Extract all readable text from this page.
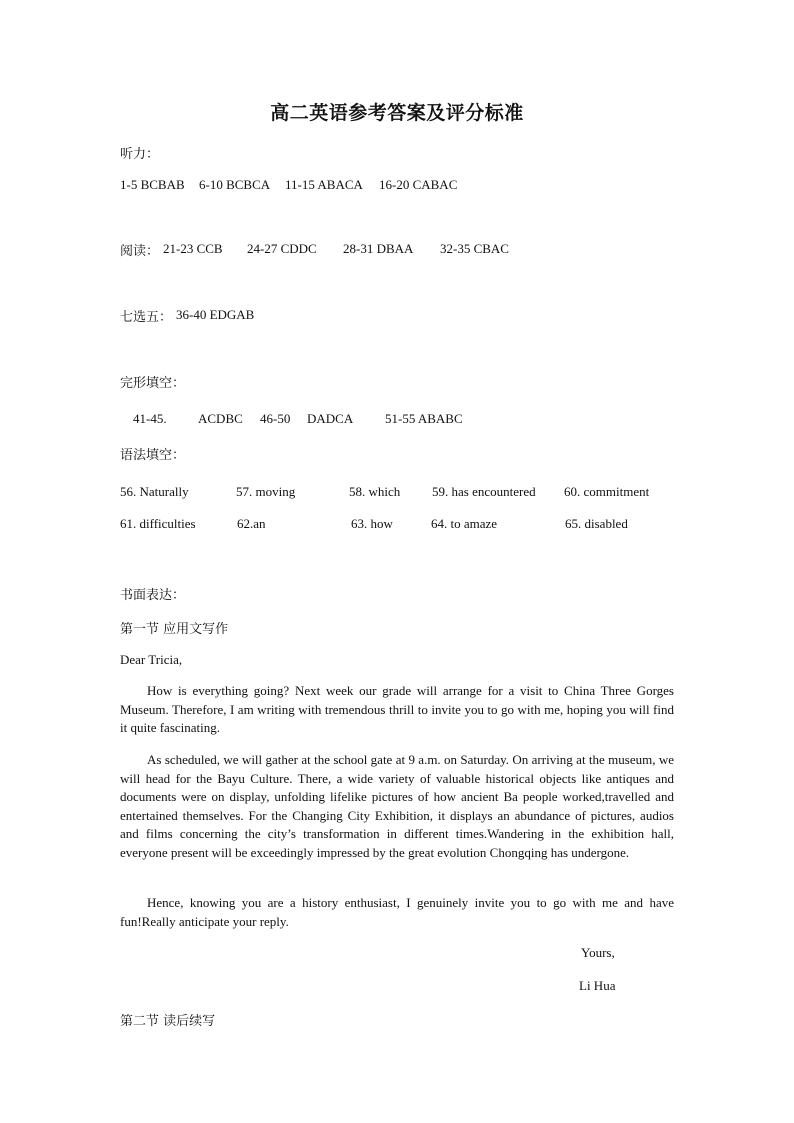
高二英语参考答案及评分标准
听力：
1-5 BCBAB 6-10 BCBCA 11-15 ABACA 16-20 CABAC
阅读： 21-23 CCB 24-27 CDDC 28-31 DBAA 32-35 CBAC
七选五： 36-40 EDGAB
完形填空：
41-45. ACDBC 46-50 DADCA 51-55 ABABC
语法填空：
56. Naturally	57. moving	58. which 59. has encountered 60. commitment
61. difficulties	62.an	63. how	64. to amaze	65. disabled
书面表达：
第一节 应用文写作
Dear Tricia,

How is everything going? Next week our grade will arrange for a visit to China Three Gorges Museum. Therefore, I am writing with tremendous thrill to invite you to go with me, hoping you will find it quite fascinating.

As scheduled, we will gather at the school gate at 9 a.m. on Saturday. On arriving at the museum, we will head for the Bayu Culture. There, a wide variety of valuable historical objects like antiques and documents were on display, unfolding lifelike pictures of how ancient Ba people worked,travelled and entertained themselves. For the Changing City Exhibition, it displays an abundance of pictures, audios and films concerning the city’s transformation in different times.Wandering in the exhibition hall, everyone present will be exceedingly impressed by the great evolution Chongqing has undergone.

Hence, knowing you are a history enthusiast, I genuinely invite you to go with me and have fun!Really anticipate your reply.

Yours,
Li Hua
第二节 读后续写
